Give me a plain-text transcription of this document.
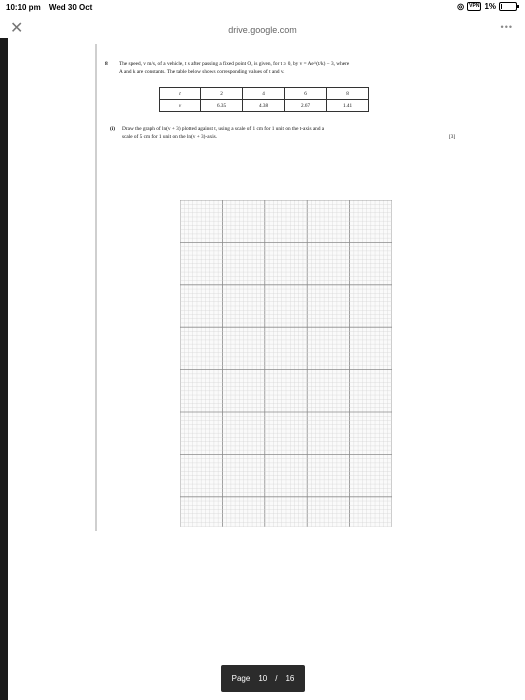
10:10 pm Wed 30 Oct	◎	VPN 1%
✕	drive.google.com	•••
8 The speed, v m/s, of a vehicle, t s after passing a fixed point O, is given, for t ≥ 0, by v = Ae^(t/k) − 3, where
A and k are constants. The table below shows corresponding values of t and v.
t	2	4	6	8
v	6.35	4.38	2.67	1.41
(i) Draw the graph of ln(v + 3) plotted against t, using a scale of 1 cm for 1 unit on the t-axis and a
scale of 5 cm for 1 unit on the ln(v + 3)-axis.	[3]
Page 10 / 16
